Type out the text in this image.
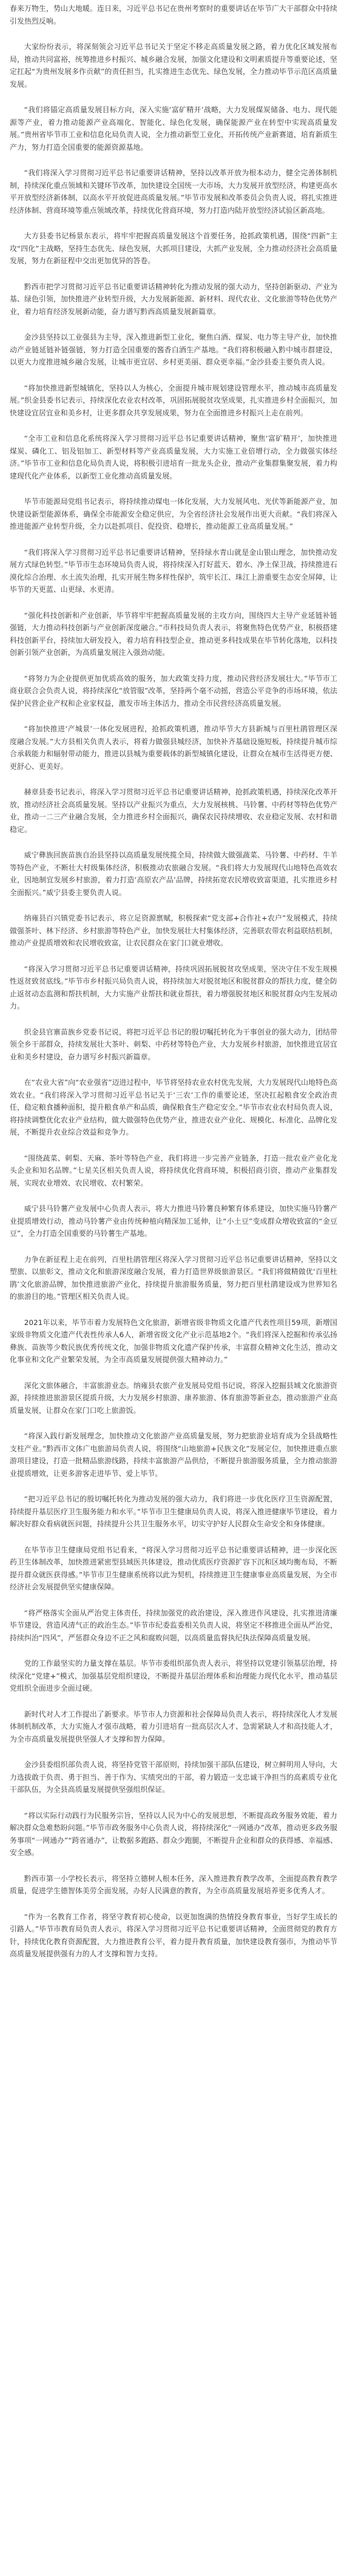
春来万物生，势山大地暖。连日来，习近平总书记在贵州考察时的重要讲话在毕节广大干部群众中持续引发热烈反响。

大家纷纷表示，将深刻领会习近平总书记关于坚定不移走高质量发展之路，着力优化区域发展布局，推动共同富裕，统筹推进乡村振兴、城乡融合发展，加强文化建设和文明素质提升等重要论述，坚定扛起“为贵州发展多作贡献”的责任担当，扎实推进生态优先、绿色发展，全力推动毕节示范区高质量发展。

“我们将锚定高质量发展目标方向，深入实施‘富矿精开’战略，大力发展煤炭储备、电力、现代能源等产业，着力推动能源产业高端化、智能化、绿色化发展，确保能源产业在转型中实现高质量发展。”贵州省毕节市工业和信息化局负责人说，全力推动新型工业化，开拓传统产业新赛道，培育新质生产力，努力打造全国重要的能源资源基地。

“我们将深入学习贯彻习近平总书记重要讲话精神，坚持以改革开放为根本动力，健全完善体制机制，持续深化重点领域和关键环节改革，加快建设全国统一大市场，大力发展开放型经济，构建更高水平开放型经济新体制，以高水平开放促进高质量发展。”毕节市发展和改革委员会负责人说，将扎实推进经济体制、营商环境等重点领域改革，持续优化营商环境，努力打造内陆开放型经济试验区新高地。

大方县委书记杨景东表示，将牢牢把握高质量发展这个首要任务，抢抓政策机遇，围绕“四新”主攻“四化”主战略，坚持生态优先、绿色发展，大抓项目建设，大抓产业发展，全力推动经济社会高质量发展，努力在新征程中交出更加优异的答卷。

黔西市把学习贯彻习近平总书记重要讲话精神转化为推动发展的强大动力，坚持创新驱动、产业为基、绿色引领，加快推进产业转型升级，大力发展新能源、新材料、现代农业、文化旅游等特色优势产业，着力培育经济发展新动能，奋力谱写黔西高质量发展新篇章。

金沙县坚持以工业强县为主导，深入推进新型工业化，聚焦白酒、煤炭、电力等主导产业，加快推动产业链延链补链强链，努力打造全国重要的酱香白酒生产基地。“我们将积极融入黔中城市群建设，以更大力度推进城乡融合发展，让城市更宜居、乡村更美丽、群众更幸福。”金沙县委主要负责人说。

“将加快推进新型城镇化，坚持以人为核心，全面提升城市规划建设管理水平，推动城市高质量发展。”织金县委书记表示，持续深化农业农村改革，巩固拓展脱贫攻坚成果，扎实推进乡村全面振兴，加快建设宜居宜业和美乡村，让更多群众共享发展成果，努力在全面推进乡村振兴上走在前列。

“全市工业和信息化系统将深入学习贯彻习近平总书记重要讲话精神，聚焦‘富矿精开’，加快推进煤炭、磷化工、铝及铝加工、新型材料等产业高质量发展，大力实施工业倍增行动，全力做强实体经济。”毕节市工业和信息化局负责人说，将积极引进培育一批龙头企业，推动产业集群集聚发展，着力构建现代化产业体系，以新型工业化推动高质量发展。

毕节市能源局党组书记表示，将持续推动煤电一体化发展，大力发展风电、光伏等新能源产业，加快建设新型能源体系，确保全市能源安全稳定供应，为全省经济社会发展作出更大贡献。“我们将深入推进能源产业转型升级，全力以赴抓项目、促投资、稳增长，推动能源工业高质量发展。”

“我们将深入学习贯彻习近平总书记重要讲话精神，坚持绿水青山就是金山银山理念，加快推动发展方式绿色转型。”毕节市生态环境局负责人说，将持续深入打好蓝天、碧水、净土保卫战，持续推进石漠化综合治理、水土流失治理，扎实开展生物多样性保护，筑牢长江、珠江上游重要生态安全屏障，让毕节的天更蓝、山更绿、水更清。

“强化科技创新和产业创新，毕节将牢牢把握高质量发展的主攻方向，围绕四大主导产业延链补链强链，大力推动科技创新与产业创新深度融合。”市科技局负责人表示，将聚焦特色优势产业，积极搭建科技创新平台，持续加大研发投入，着力培育科技型企业，推动更多科技成果在毕节转化落地，以科技创新引领产业创新，为高质量发展注入强劲动能。

“将努力为企业提供更加优质高效的服务，加大政策支持力度，推动民营经济发展壮大。”毕节市工商业联合会负责人说，将持续深化“放管服”改革，坚持两个毫不动摇，营造公平竞争的市场环境，依法保护民营企业产权和企业家权益，激发市场主体活力，推动全市民营经济高质量发展。

“将加快推进‘产城景’一体化发展进程，抢抓政策机遇，推动毕节大方县新城与百里杜鹃管理区深度融合发展。”大方县相关负责人表示，将着力做强县城经济，加快补齐基础设施短板，持续提升城市综合承载能力和辐射带动能力，推进以县城为重要载体的新型城镇化建设，让群众在城市生活得更方便、更舒心、更美好。

赫章县委书记表示，将深入学习贯彻习近平总书记重要讲话精神，抢抓政策机遇，持续深化改革开放，推动经济社会高质量发展。坚持以产业振兴为重点，大力发展核桃、马铃薯、中药材等特色优势产业，推动一二三产业融合发展，全力推进乡村全面振兴，确保农民持续增收、农业稳定发展、农村和谐稳定。

威宁彝族回族苗族自治县坚持以高质量发展统揽全局，持续做大做强蔬菜、马铃薯、中药材、牛羊等特色产业，不断壮大村级集体经济，积极推动农旅融合发展。“我们将大力发展现代山地特色高效农业，因地制宜发展乡村旅游，着力打造‘高原农产品’品牌，持续拓宽农民增收致富渠道，扎实推进乡村全面振兴。”威宁县委主要负责人说。

纳雍县百兴镇党委书记表示，将立足资源禀赋，积极探索“党支部+合作社+农户”发展模式，持续做强茶叶、林下经济、乡村旅游等特色产业，加快发展壮大村集体经济，完善联农带农利益联结机制，推动产业提质增效和农民增收致富，让农民群众在家门口就业增收。

“将深入学习贯彻习近平总书记重要讲话精神，持续巩固拓展脱贫攻坚成果，坚决守住不发生规模性返贫致贫底线。”毕节市乡村振兴局负责人说，将持续加大对脱贫地区和脱贫群众的帮扶力度，健全防止返贫动态监测和帮扶机制，大力实施产业帮扶和就业帮扶，着力增强脱贫地区和脱贫群众内生发展动力。

织金县官寨苗族乡党委书记说，将把习近平总书记的殷切嘱托转化为干事创业的强大动力，团结带领全乡干部群众，持续发展壮大茶叶、刺梨、中药材等特色产业，大力发展乡村旅游，加快推进宜居宜业和美乡村建设，奋力谱写乡村振兴新篇章。

在“农业大省”向“农业强省”迈进过程中，毕节将坚持农业农村优先发展，大力发展现代山地特色高效农业。“我们将深入学习贯彻习近平总书记关于‘三农’工作的重要论述，坚决扛起粮食安全政治责任，稳定粮食播种面积，提升粮食单产和品质，确保粮食生产稳定安全。”毕节市农业农村局负责人说，将持续调整优化农业产业结构，做大做强特色优势产业，推进农业产业化、规模化、标准化、品牌化发展，不断提升农业综合效益和竞争力。

“围绕蔬菜、刺梨、天麻、茶叶等特色产业，我们将进一步完善产业链条，打造一批农业产业化龙头企业和知名品牌。”七星关区相关负责人说，将持续优化营商环境，积极招商引资，推动产业集群发展，实现农业增效、农民增收、农村繁荣。

威宁县马铃薯产业发展中心负责人表示，将大力推进马铃薯良种繁育体系建设，加快实施马铃薯产业提质增效行动，推动马铃薯产业由传统种植向精深加工延伸，让“小土豆”变成群众增收致富的“金豆豆”，全力打造全国重要的马铃薯生产基地。

力争在新征程上走在前列，百里杜鹃管理区将深入学习贯彻习近平总书记重要讲话精神，坚持以文塑旅、以旅彰文，推动文化和旅游深度融合发展，着力打造世界级旅游景区。“我们将做精做优‘百里杜鹃’文化旅游品牌，加快推进旅游产业化，持续提升旅游服务质量，努力把百里杜鹃建设成为世界知名的旅游目的地。”管理区相关负责人说。

2021年以来，毕节市着力发展特色文化旅游，新增省级非物质文化遗产代表性项目59项，新增国家级非物质文化遗产代表性传承人6人，新增省级文化产业示范基地2个。“我们将深入挖掘和传承弘扬彝族、苗族等少数民族优秀传统文化，加强非物质文化遗产保护传承，丰富群众精神文化生活，推动文化事业和文化产业繁荣发展，为全市高质量发展提供强大精神动力。”

深化文旅体融合，丰富旅游业态。纳雍县农旅产业发展局党组书记说，将深入挖掘县域文化旅游资源，持续推进旅游景区提质升级，大力发展乡村旅游、康养旅游、体育旅游等新业态，推动旅游产业高质量发展，让群众在家门口吃上旅游饭。

“将深入践行新发展理念，加快推动文化旅游产业高质量发展，努力把旅游业培育成为全县战略性支柱产业。”黔西市文体广电旅游局负责人说，将围绕“山地旅游+民族文化”发展定位，加快推进重点旅游项目建设，打造一批精品旅游线路，持续丰富旅游产品供给，不断提升旅游服务质量，全力推动旅游业提质增效，让更多游客走进毕节、爱上毕节。

“把习近平总书记的殷切嘱托转化为推动发展的强大动力，我们将进一步优化医疗卫生资源配置，持续提升基层医疗卫生服务能力和水平。”毕节市卫生健康局负责人说，将深入推进健康毕节建设，着力解决好群众看病就医问题，持续提升公共卫生服务水平，切实守护好人民群众生命安全和身体健康。

在毕节市卫生健康局党组书记看来，“将深入学习贯彻习近平总书记重要讲话精神，进一步深化医药卫生体制改革，加快推进紧密型县域医共体建设，推动优质医疗资源扩容下沉和区域均衡布局，不断提升群众就医获得感。”毕节市卫生健康系统将以此为契机，持续推进卫生健康事业高质量发展，为全市经济社会发展提供坚实健康保障。

“将严格落实全面从严治党主体责任，持续加强党的政治建设，深入推进作风建设，扎实推进清廉毕节建设，营造风清气正的政治生态。”毕节市纪委监委相关负责人说，将坚定不移推进全面从严治党，持续纠治“四风”，严惩群众身边不正之风和腐败问题，以高质量监督执纪执法保障高质量发展。

党的工作最坚实的力量支撑在基层。毕节市委组织部负责人表示，将坚持以党建引领基层治理，持续深化“党建+”模式，加强基层党组织建设，不断提升基层治理体系和治理能力现代化水平，推动基层党组织全面进步全面过硬。

新时代对人才工作提出了新要求。毕节市人力资源和社会保障局负责人表示，将持续深化人才发展体制机制改革，大力实施人才强市战略，着力引进培育一批高层次人才、急需紧缺人才和高技能人才，为全市高质量发展提供坚强人才支撑和智力保障。

金沙县委组织部负责人说，将坚持党管干部原则，持续加强干部队伍建设，树立鲜明用人导向，大力选拔敢于负责、勇于担当、善于作为、实绩突出的干部，着力锻造一支忠诚干净担当的高素质专业化干部队伍，为全县高质量发展提供坚强组织保证。

“将以实际行动践行为民服务宗旨，坚持以人民为中心的发展思想，不断提高政务服务效能，着力解决群众急难愁盼问题。”毕节市政务服务中心负责人说，将持续深化“一网通办”改革，推动更多政务服务事项“一网通办”“跨省通办”，让数据多跑路、群众少跑腿，不断提升企业和群众的获得感、幸福感、安全感。

黔西市第一小学校长表示，将坚持立德树人根本任务，深入推进教育教学改革，全面提高教育教学质量，促进学生德智体美劳全面发展，办好人民满意的教育，为全市高质量发展培养更多优秀人才。

“作为一名教育工作者，将坚守教育初心使命，以更加饱满的热情投身教育事业，当好学生成长的引路人。”毕节市教育局负责人表示，将深入学习贯彻习近平总书记重要讲话精神，全面贯彻党的教育方针，持续优化教育资源配置，大力推进教育公平，着力提升教育质量，加快建设教育强市，为推动毕节高质量发展提供强有力的人才支撑和智力支持。
